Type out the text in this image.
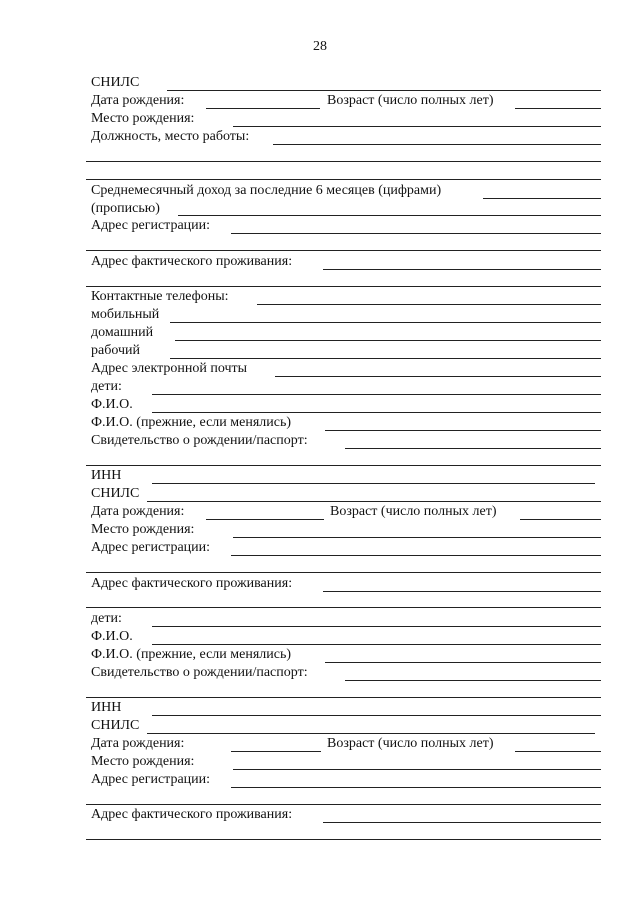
28
СНИЛС
Дата рождения:	Возраст (число полных лет)
Место рождения:
Должность, место работы:
Среднемесячный доход за последние 6 месяцев (цифрами)
(прописью)
Адрес регистрации:
Адрес фактического проживания:
Контактные телефоны:
мобильный
домашний
рабочий
Адрес электронной почты
дети:
Ф.И.О.
Ф.И.О. (прежние, если менялись)
Свидетельство о рождении/паспорт:
ИНН
СНИЛС
Дата рождения:	Возраст (число полных лет)
Место рождения:
Адрес регистрации:
Адрес фактического проживания:
дети:
Ф.И.О.
Ф.И.О. (прежние, если менялись)
Свидетельство о рождении/паспорт:
ИНН
СНИЛС
Дата рождения:	Возраст (число полных лет)
Место рождения:
Адрес регистрации:
Адрес фактического проживания:
